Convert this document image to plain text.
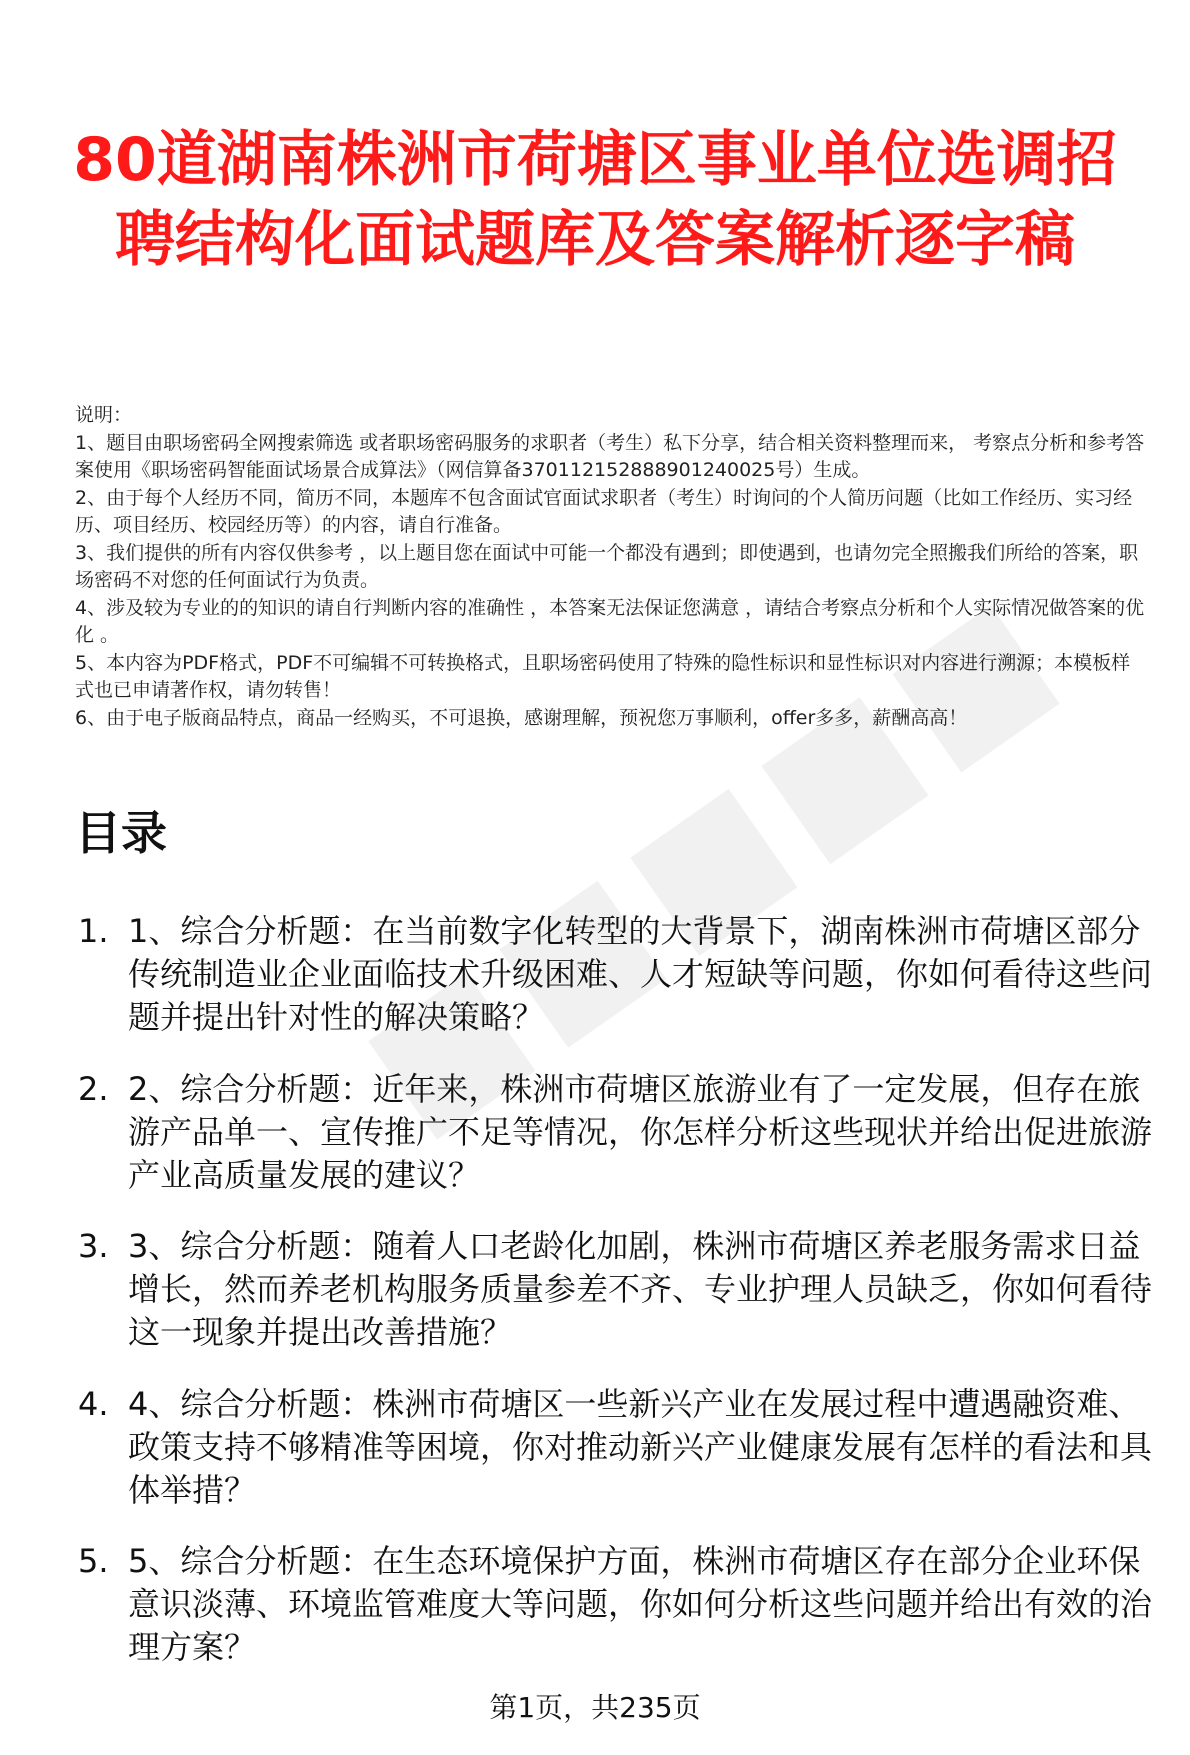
80道湖南株洲市荷塘区事业单位选调招聘结构化面试题库及答案解析逐字稿

说明：

1、题目由职场密码全网搜索筛选 或者职场密码服务的求职者（考生）私下分享，结合相关资料整理而来， 考察点分析和参考答案使用《职场密码智能面试场景合成算法》（网信算备370112152888901240025号）生成。

2、由于每个人经历不同，简历不同，本题库不包含面试官面试求职者（考生）时询问的个人简历问题（比如工作经历、实习经历、项目经历、校园经历等）的内容，请自行准备。

3、我们提供的所有内容仅供参考 ，以上题目您在面试中可能一个都没有遇到；即使遇到，也请勿完全照搬我们所给的答案，职场密码不对您的任何面试行为负责。

4、涉及较为专业的的知识的请自行判断内容的准确性 ，本答案无法保证您满意 ，请结合考察点分析和个人实际情况做答案的优化 。

5、本内容为PDF格式，PDF不可编辑不可转换格式，且职场密码使用了特殊的隐性标识和显性标识对内容进行溯源；本模板样式也已申请著作权，请勿转售！

6、由于电子版商品特点，商品一经购买，不可退换，感谢理解，预祝您万事顺利，offer多多，薪酬高高！

目录
1. 1、综合分析题：在当前数字化转型的大背景下，湖南株洲市荷塘区部分传统制造业企业面临技术升级困难、人才短缺等问题，你如何看待这些问题并提出针对性的解决策略？
2. 2、综合分析题：近年来，株洲市荷塘区旅游业有了一定发展，但存在旅游产品单一、宣传推广不足等情况，你怎样分析这些现状并给出促进旅游产业高质量发展的建议？
3. 3、综合分析题：随着人口老龄化加剧，株洲市荷塘区养老服务需求日益增长，然而养老机构服务质量参差不齐、专业护理人员缺乏，你如何看待这一现象并提出改善措施？
4. 4、综合分析题：株洲市荷塘区一些新兴产业在发展过程中遭遇融资难、政策支持不够精准等困境，你对推动新兴产业健康发展有怎样的看法和具体举措？
5. 5、综合分析题：在生态环境保护方面，株洲市荷塘区存在部分企业环保意识淡薄、环境监管难度大等问题，你如何分析这些问题并给出有效的治理方案？
第1页，共235页
